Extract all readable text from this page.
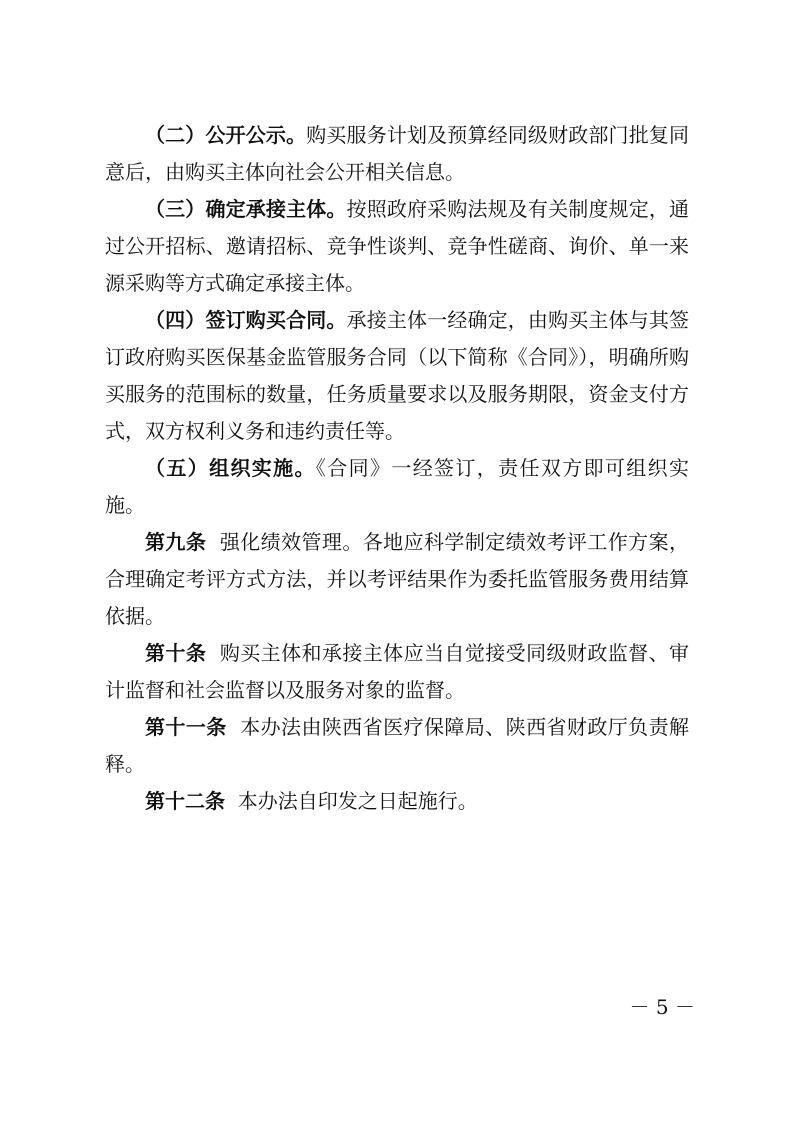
（二）公开公示。购买服务计划及预算经同级财政部门批复同意后，由购买主体向社会公开相关信息。

（三）确定承接主体。按照政府采购法规及有关制度规定，通过公开招标、邀请招标、竞争性谈判、竞争性磋商、询价、单一来源采购等方式确定承接主体。

（四）签订购买合同。承接主体一经确定，由购买主体与其签订政府购买医保基金监管服务合同（以下简称《合同》），明确所购买服务的范围标的数量，任务质量要求以及服务期限，资金支付方式，双方权利义务和违约责任等。

（五）组织实施。《合同》一经签订，责任双方即可组织实施。

第九条  强化绩效管理。各地应科学制定绩效考评工作方案，合理确定考评方式方法，并以考评结果作为委托监管服务费用结算依据。

第十条  购买主体和承接主体应当自觉接受同级财政监督、审计监督和社会监督以及服务对象的监督。

第十一条  本办法由陕西省医疗保障局、陕西省财政厅负责解释。

第十二条  本办法自印发之日起施行。

－ 5 －
